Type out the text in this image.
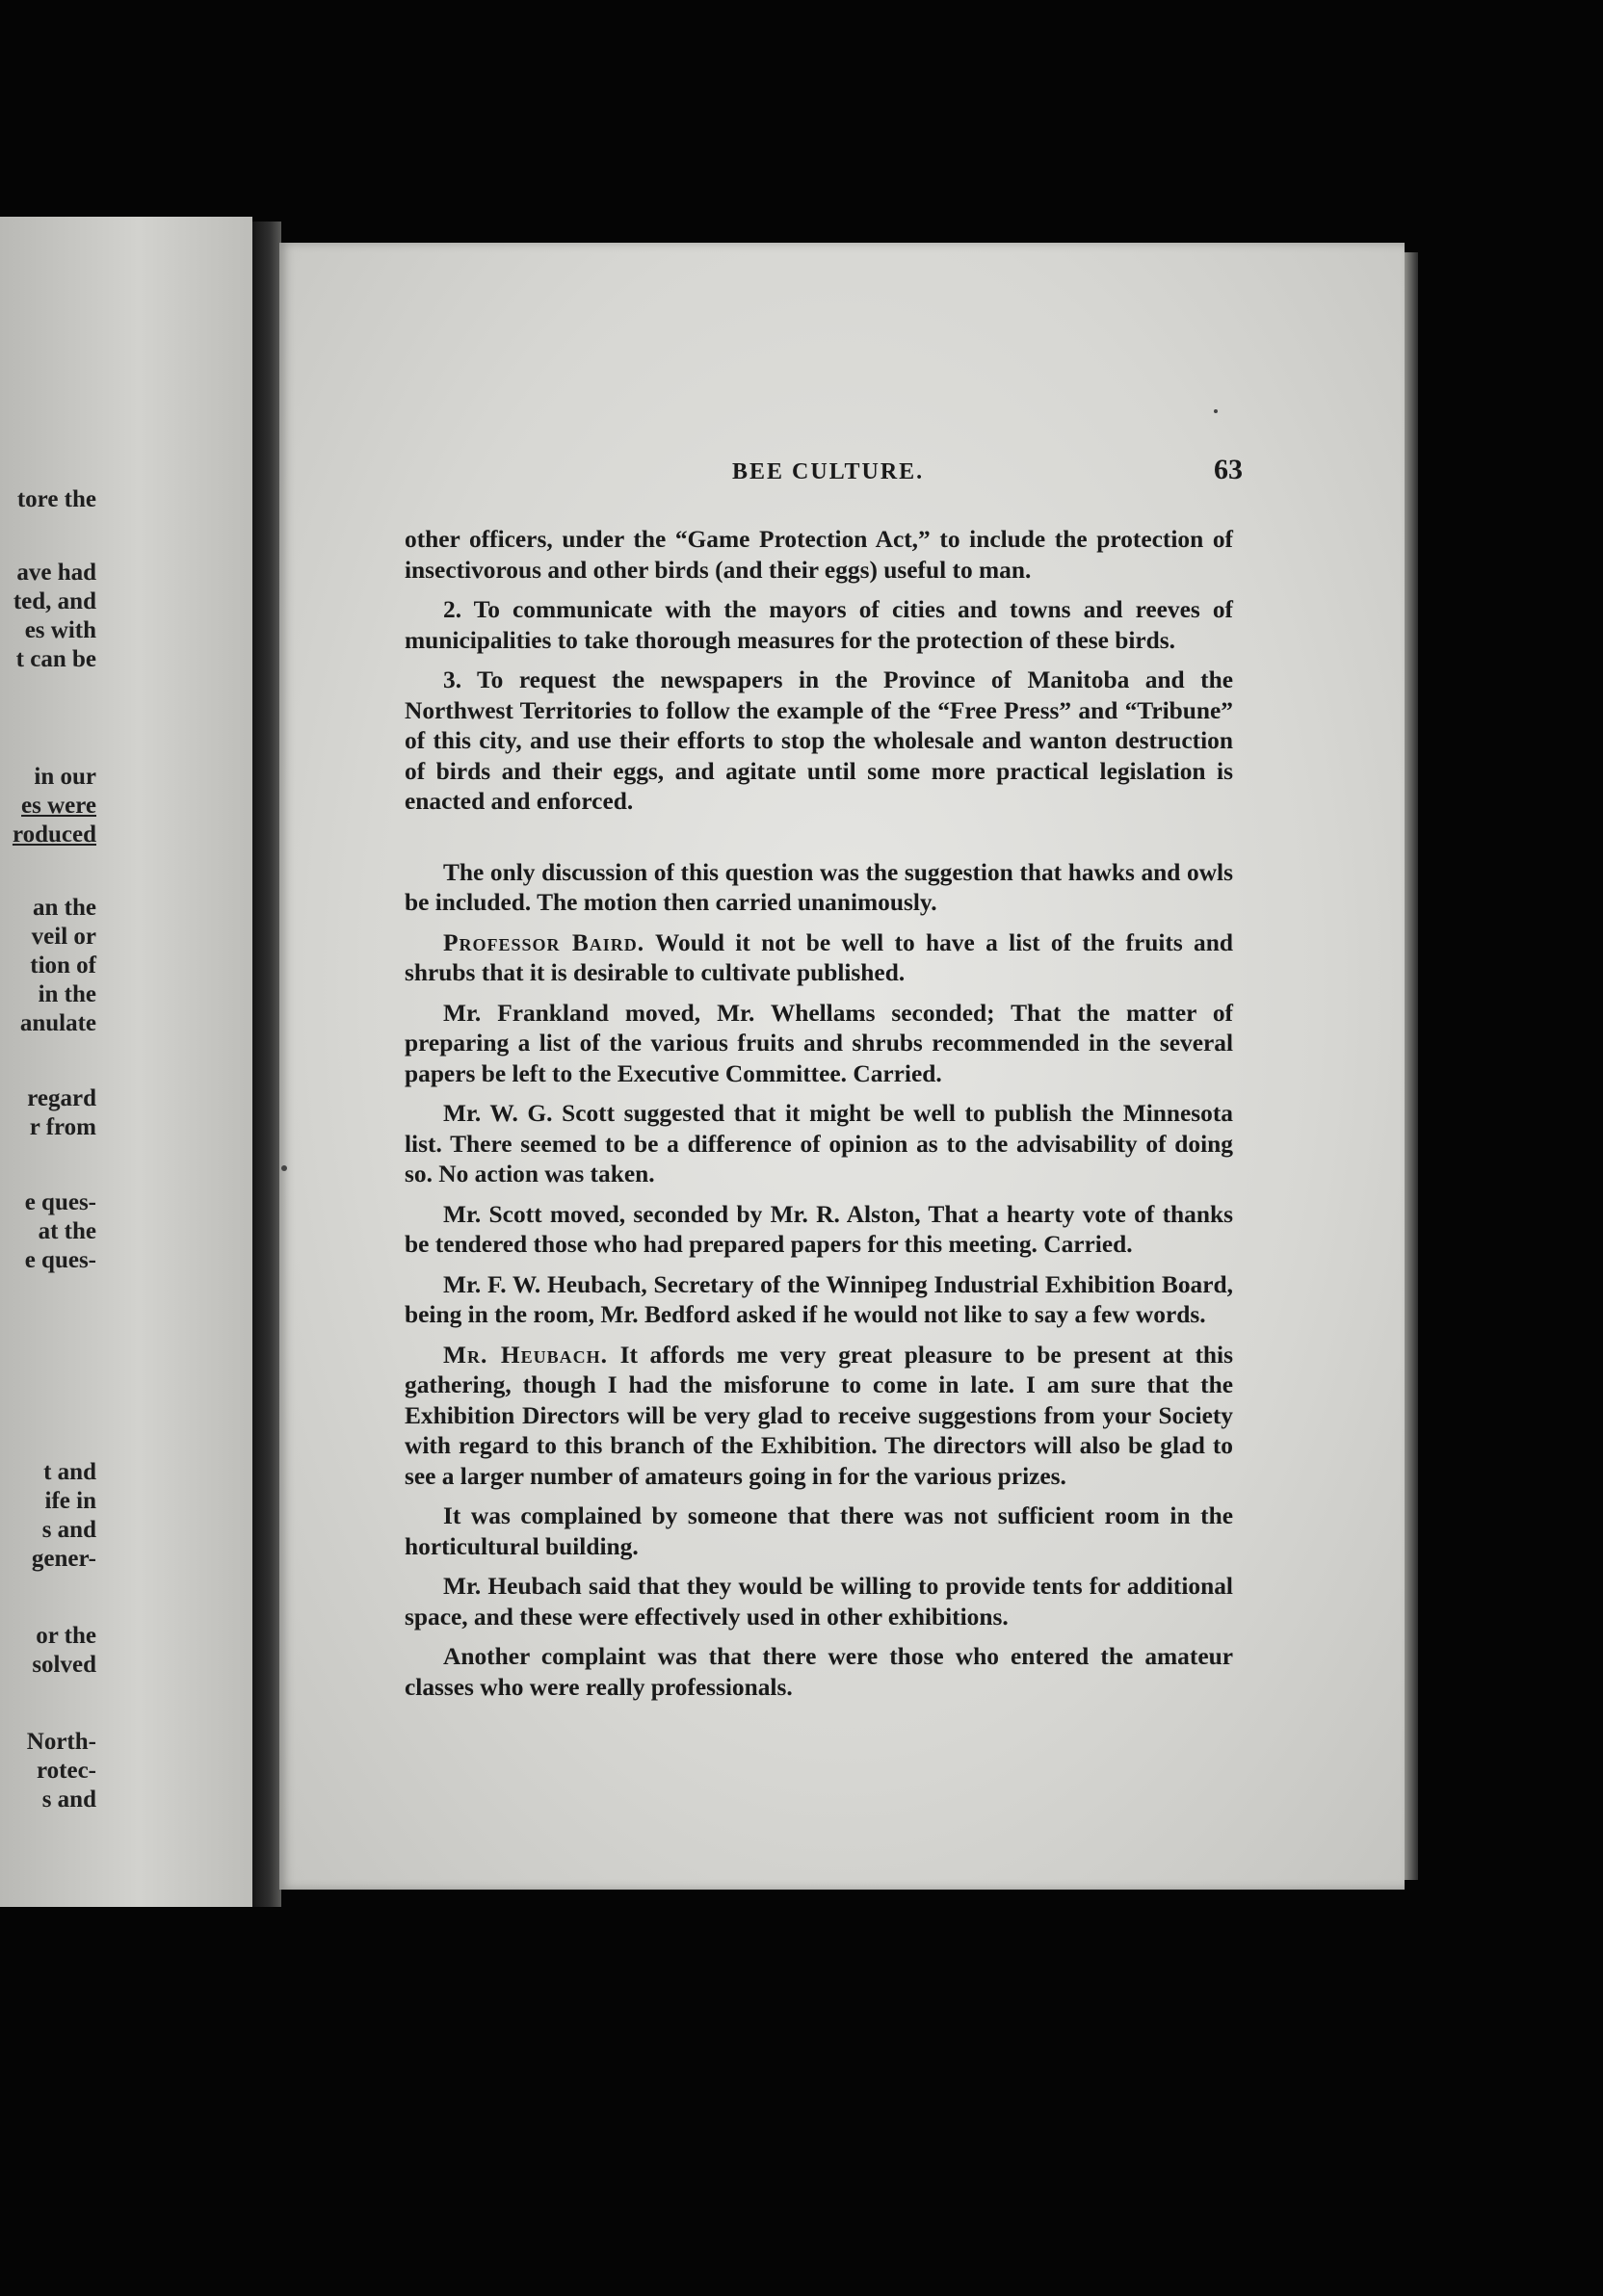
tore the
ave had
ted, and
es with
t can be
in our
es were
roduced
an the
veil or
tion of
in the
anulate
regard
r from
e ques-
at the
e ques-
t and
ife in
s and
gener-
or the
solved
North-
rotec-
s and
BEE CULTURE.	63

other officers, under the “Game Protection Act,” to include the protection of insectivorous and other birds (and their eggs) useful to man.

2. To communicate with the mayors of cities and towns and reeves of municipalities to take thorough measures for the protection of these birds.

3. To request the newspapers in the Province of Manitoba and the Northwest Territories to follow the example of the “Free Press” and “Tribune” of this city, and use their efforts to stop the wholesale and wanton destruction of birds and their eggs, and agitate until some more practical legislation is enacted and enforced.

The only discussion of this question was the suggestion that hawks and owls be included. The motion then carried unanimously.

Professor Baird. Would it not be well to have a list of the fruits and shrubs that it is desirable to cultivate published.

Mr. Frankland moved, Mr. Whellams seconded; That the matter of preparing a list of the various fruits and shrubs recommended in the several papers be left to the Executive Committee. Carried.

Mr. W. G. Scott suggested that it might be well to publish the Minnesota list. There seemed to be a difference of opinion as to the advisability of doing so. No action was taken.

Mr. Scott moved, seconded by Mr. R. Alston, That a hearty vote of thanks be tendered those who had prepared papers for this meeting. Carried.

Mr. F. W. Heubach, Secretary of the Winnipeg Industrial Exhibition Board, being in the room, Mr. Bedford asked if he would not like to say a few words.

Mr. Heubach. It affords me very great pleasure to be present at this gathering, though I had the misforune to come in late. I am sure that the Exhibition Directors will be very glad to receive suggestions from your Society with regard to this branch of the Exhibition. The directors will also be glad to see a larger number of amateurs going in for the various prizes.

It was complained by someone that there was not sufficient room in the horticultural building.

Mr. Heubach said that they would be willing to provide tents for additional space, and these were effectively used in other exhibitions.

Another complaint was that there were those who entered the amateur classes who were really professionals.
